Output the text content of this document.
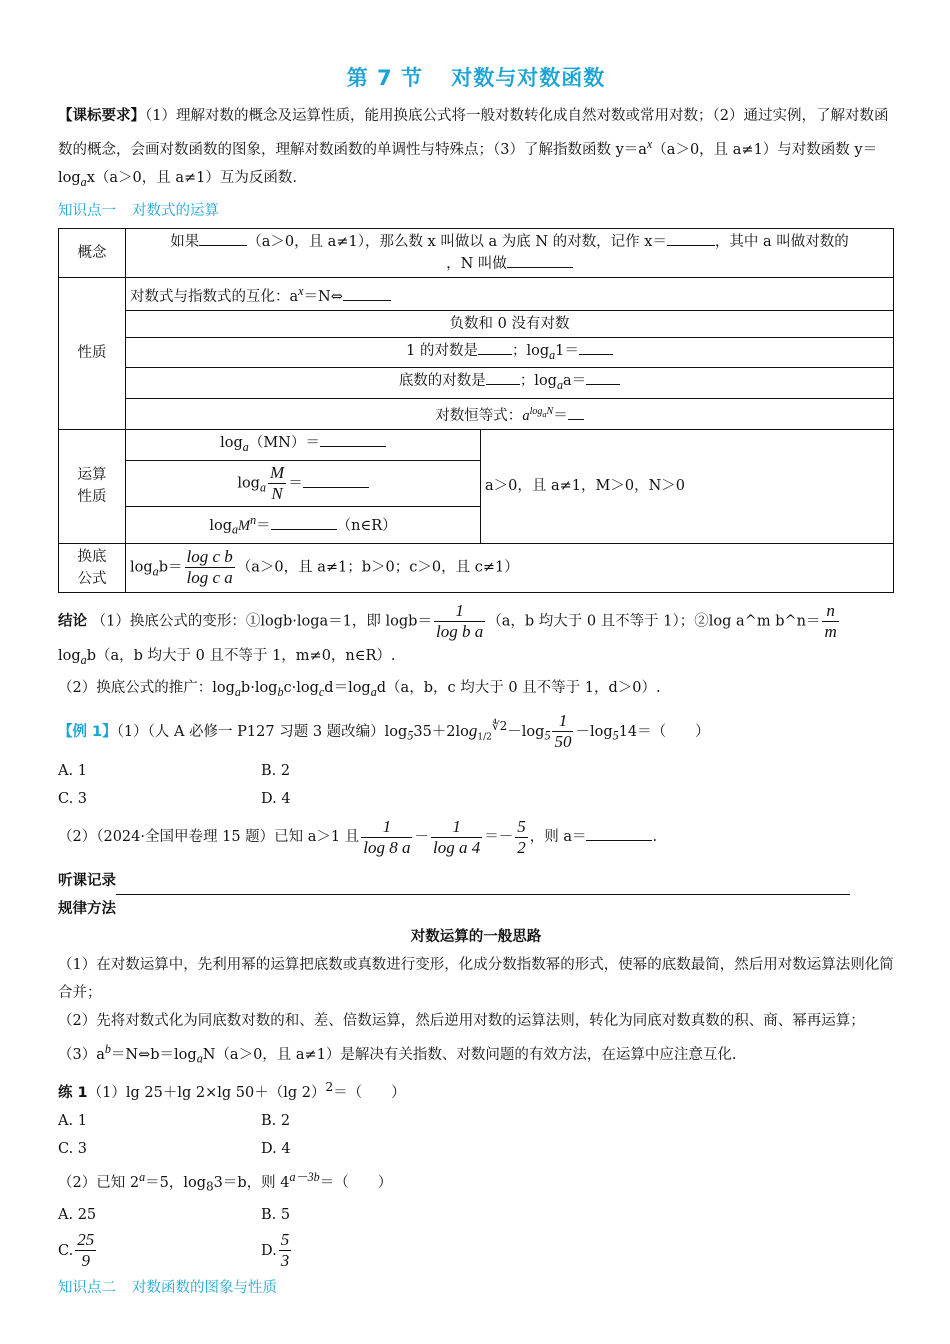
第 7 节 对数与对数函数

【课标要求】（1）理解对数的概念及运算性质，能用换底公式将一般对数转化成自然对数或常用对数；（2）通过实例，了解对数函数的概念，会画对数函数的图象，理解对数函数的单调性与特殊点；（3）了解指数函数 $y=a^x(a>0$，且 a≠1）与对数函数 $y=\log_ax(a>0$，且 a≠1）互为反函数.

知识点一 对数式的运算

概念	如果 （a＞0，且 a≠1），那么数 x 叫做以 a 为底 N 的对数，记作 x＝ ，其中 a 叫做对数的
，N 叫做	
性质	对数式与指数式的互化：$a^x=N\Leftrightarrow$	
	负数和 0 没有对数	
	1 的对数是 ；$\log_a1=$	
	底数的对数是 ；$\log_aa=$	
	对数恒等式：$a^{log_aN}=$	
运算
性质	$\log_a(MN)=$	a＞0，且 a≠1，M＞0，N＞0
	$\log_a \frac{M}{N}$ ＝	
	$\log_aM^n=$ （n∈R）	
换底
公式	$\log_ab= \frac{\text{log c b}}{\text{log c a}} (a>0$，且 a≠1；b＞0；c＞0，且 c≠1）	

结论 （1）换底公式的变形：①logb·loga＝1，即 $\log b= \frac{1}{\text{log b a}} (a$，b 均大于 0 且不等于 1）；②log a^m b^n＝ $\frac{n}{m}$

$\log_ab(a$，b 均大于 0 且不等于 1，m≠0，n∈R）.

（2）换底公式的推广：$\log_ab\cdot\log_bc\cdot\log_cd=\log_ad(a$，b，c 均大于 0 且不等于 1，d＞0）.

【例 1】（1）（人 A 必修一 P127 习题 3 题改编）$\log_535+2\log_{1/2}^{∜2}-\log_5 \frac{1}{50} -\log_514=$（　　）

A. 1	B. 2
C. 3	D. 4

（2）（2024·全国甲卷理 15 题）已知 a＞1 且 $\frac{1}{\log 8 a} - \frac{1}{\text{log a 4}} =- \frac{5}{2}$ ，则 a＝	.

听课记录

规律方法

对数运算的一般思路

（1）在对数运算中，先利用幂的运算把底数或真数进行变形，化成分数指数幂的形式，使幂的底数最简，然后用对数运算法则化简合并；

（2）先将对数式化为同底数对数的和、差、倍数运算，然后逆用对数的运算法则，转化为同底对数真数的积、商、幂再运算；

$(3)a^b=N\Leftrightarrow b=\log_aN(a>0$，且 a≠1）是解决有关指数、对数问题的有效方法，在运算中应注意互化.

练 1（1）lg 25＋lg 2×lg 50＋（lg 2）$^2$＝（　　）

A. 1	B. 2
C. 3	D. 4

（2）已知 $2^a=5$，$\log_83=b$，则 $4^{a-3b}=$（　　）

A. 25	B. 5
C. $\frac{25}{9}$	D. $\frac{5}{3}$

知识点二 对数函数的图象与性质
